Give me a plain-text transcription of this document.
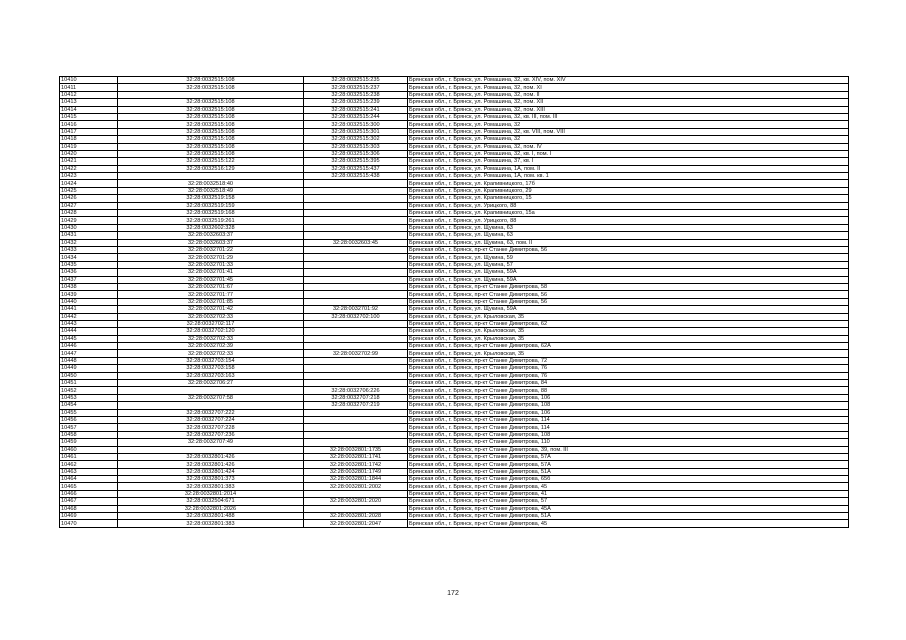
10410	32:28:0032515:108	32:28:0032515:235	Брянская обл., г. Брянск, ул. Ромашина, 32, кв. XIV, пом. XIV
10411	32:28:0032515:108	32:28:0032515:237	Брянская обл., г. Брянск, ул. Ромашина, 32, пом. XI
10412		32:28:0032515:238	Брянская обл., г. Брянск, ул. Ромашина, 32, пом. II
10413	32:28:0032515:108	32:28:0032515:239	Брянская обл., г. Брянск, ул. Ромашина, 32, пом. XII
10414	32:28:0032515:108	32:28:0032515:241	Брянская обл., г. Брянск, ул. Ромашина, 32, пом. XIII
10415	32:28:0032515:108	32:28:0032515:244	Брянская обл., г. Брянск, ул. Ромашина, 32, кв. III, пом. III
10416	32:28:0032515:108	32:28:0032515:300	Брянская обл., г. Брянск, ул. Ромашина, 32
10417	32:28:0032515:108	32:28:0032515:301	Брянская обл., г. Брянск, ул. Ромашина, 32, кв. VIII, пом. VIII
10418	32:28:0032515:108	32:28:0032515:302	Брянская обл., г. Брянск, ул. Ромашина, 32
10419	32:28:0032515:108	32:28:0032515:303	Брянская обл., г. Брянск, ул. Ромашина, 32, пом. IV
10420	32:28:0032515:108	32:28:0032515:306	Брянская обл., г. Брянск, ул. Ромашина, 32, кв. I, пом. I
10421	32:28:0032515:122	32:28:0032515:395	Брянская обл., г. Брянск, ул. Ромашина, 37, кв. I
10422	32:28:0032516:129	32:28:0032515:437	Брянская обл., г. Брянск, ул. Ромашина, 1А, пом. II
10423		32:28:0032515:438	Брянская обл., г. Брянск, ул. Ромашина, 1А, пом. кв. 1
10424	32:28:0032518:40		Брянская обл., г. Брянск, ул. Крапивницкого, 17б
10425	32:28:0032518:49		Брянская обл., г. Брянск, ул. Крапивницкого, 29
10426	32:28:0032519:158		Брянская обл., г. Брянск, ул. Крапивницкого, 15
10427	32:28:0032519:159		Брянская обл., г. Брянск, ул. Урицкого, 88
10428	32:28:0032519:168		Брянская обл., г. Брянск, ул. Крапивницкого, 15а
10429	32:28:0032519:261		Брянская обл., г. Брянск, ул. Урицкого, 88
10430	32:28:0032602:328		Брянская обл., г. Брянск, ул. Щукина, 63
10431	32:28:0032603:37		Брянская обл., г. Брянск, ул. Щукина, 63
10432	32:28:0032603:37	32:28:0032603:45	Брянская обл., г. Брянск, ул. Щукина, 63, пом. II
10433	32:28:0032701:22		Брянская обл., г. Брянск, пр-кт Станке Димитрова, 56
10434	32:28:0032701:29		Брянская обл., г. Брянск, ул. Щукина, 59
10435	32:28:0032701:33		Брянская обл., г. Брянск, ул. Щукина, 57
10436	32:28:0032701:41		Брянская обл., г. Брянск, ул. Щукина, 59А
10437	32:28:0032701:45		Брянская обл., г. Брянск, ул. Щукина, 59А
10438	32:28:0032701:67		Брянская обл., г. Брянск, пр-кт Станке Димитрова, 58
10439	32:28:0032701:77		Брянская обл., г. Брянск, пр-кт Станке Димитрова, 56
10440	32:28:0032701:85		Брянская обл., г. Брянск, пр-кт Станке Димитрова, 56
10441	32:28:0032701:42	32:28:0032701:92	Брянская обл., г. Брянск, ул. Щукина, 59А
10442	32:28:0032702:33	32:28:0032702:100	Брянская обл., г. Брянск, ул. Крыловская, 35
10443	32:28:0032702:117		Брянская обл., г. Брянск, пр-кт Станке Димитрова, 62
10444	32:28:0032702:120		Брянская обл., г. Брянск, ул. Крыловская, 35
10445	32:28:0032702:33		Брянская обл., г. Брянск, ул. Крыловская, 35
10446	32:28:0032702:39		Брянская обл., г. Брянск, пр-кт Станке Димитрова, 62А
10447	32:28:0032702:33	32:28:0032702:99	Брянская обл., г. Брянск, ул. Крыловская, 35
10448	32:28:0032703:154		Брянская обл., г. Брянск, пр-кт Станке Димитрова, 72
10449	32:28:0032703:158		Брянская обл., г. Брянск, пр-кт Станке Димитрова, 76
10450	32:28:0032703:163		Брянская обл., г. Брянск, пр-кт Станке Димитрова, 76
10451	32:28:0032706:27		Брянская обл., г. Брянск, пр-кт Станке Димитрова, 84
10452		32:28:0032706:226	Брянская обл., г. Брянск, пр-кт Станке Димитрова, 88
10453	32:28:0032707:58	32:28:0032707:218	Брянская обл., г. Брянск, пр-кт Станке Димитрова, 106
10454		32:28:0032707:219	Брянская обл., г. Брянск, пр-кт Станке Димитрова, 108
10455	32:28:0032707:222		Брянская обл., г. Брянск, пр-кт Станке Димитрова, 106
10456	32:28:0032707:224		Брянская обл., г. Брянск, пр-кт Станке Димитрова, 114
10457	32:28:0032707:228		Брянская обл., г. Брянск, пр-кт Станке Димитрова, 114
10458	32:28:0032707:236		Брянская обл., г. Брянск, пр-кт Станке Димитрова, 108
10459	32:28:0032707:49		Брянская обл., г. Брянск, пр-кт Станке Димитрова, 110
10460		32:28:0032801:1735	Брянская обл., г. Брянск, пр-кт Станке Димитрова, 39, пом. III
10461	32:28:0032801:426	32:28:0032801:1741	Брянская обл., г. Брянск, пр-кт Станке Димитрова, 57А
10462	32:28:0032801:426	32:28:0032801:1742	Брянская обл., г. Брянск, пр-кт Станке Димитрова, 57А
10463	32:28:0032801:424	32:28:0032801:1749	Брянская обл., г. Брянск, пр-кт Станке Димитрова, 51А
10464	32:28:0032801:373	32:28:0032801:1844	Брянская обл., г. Брянск, пр-кт Станке Димитрова, 65б
10465	32:28:0032801:383	32:28:0032801:2002	Брянская обл., г. Брянск, пр-кт Станке Димитрова, 45
10466	32:28:0032801:2014		Брянская обл., г. Брянск, пр-кт Станке Димитрова, 41
10467	32:28:0032504:671	32:28:0032801:2020	Брянская обл., г. Брянск, пр-кт Станке Димитрова, 57
10468	32:28:0032801:2026		Брянская обл., г. Брянск, пр-кт Станке Димитрова, 45А
10469	32:28:0032801:488	32:28:0032801:2028	Брянская обл., г. Брянск, пр-кт Станке Димитрова, 51А
10470	32:28:0032801:383	32:28:0032801:2047	Брянская обл., г. Брянск, пр-кт Станке Димитрова, 45
172
